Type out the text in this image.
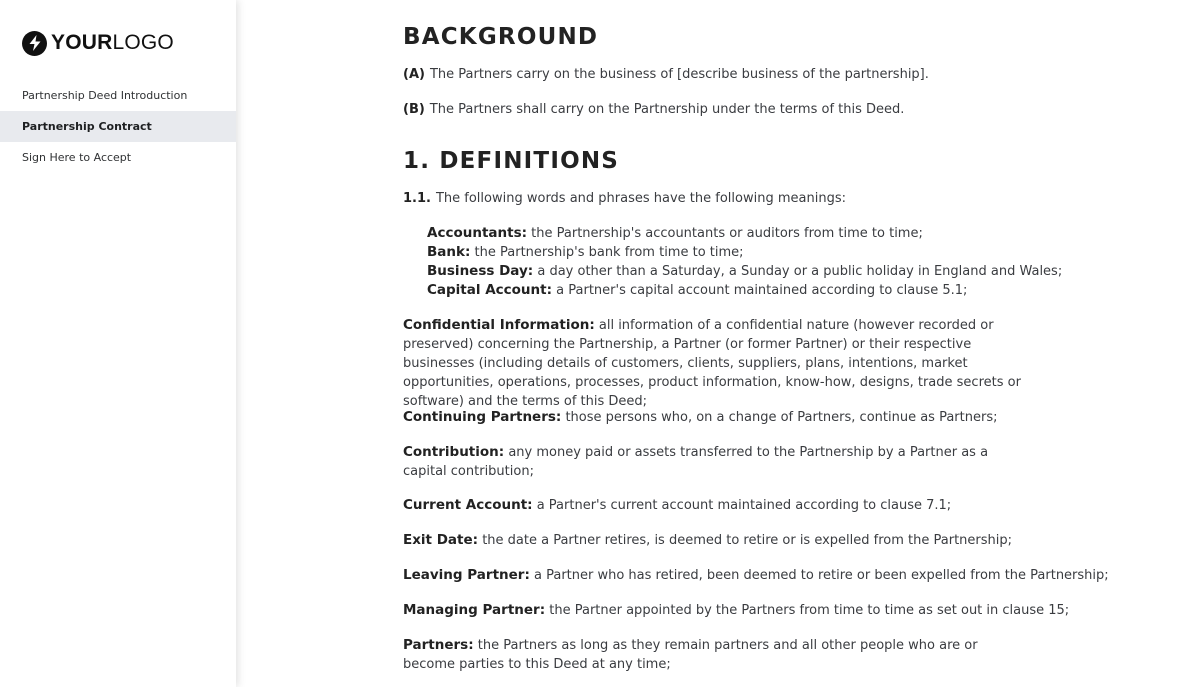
YOURLOGO
Partnership Deed Introduction
Partnership Contract
Sign Here to Accept
BACKGROUND
(A) The Partners carry on the business of [describe business of the partnership].
(B) The Partners shall carry on the Partnership under the terms of this Deed.
1. DEFINITIONS
1.1. The following words and phrases have the following meanings:
Accountants: the Partnership's accountants or auditors from time to time;
Bank: the Partnership's bank from time to time;
Business Day: a day other than a Saturday, a Sunday or a public holiday in England and Wales;
Capital Account: a Partner's capital account maintained according to clause 5.1;
Confidential Information: all information of a confidential nature (however recorded or preserved) concerning the Partnership, a Partner (or former Partner) or their respective businesses (including details of customers, clients, suppliers, plans, intentions, market opportunities, operations, processes, product information, know-how, designs, trade secrets or software) and the terms of this Deed;
Continuing Partners: those persons who, on a change of Partners, continue as Partners;
Contribution: any money paid or assets transferred to the Partnership by a Partner as a capital contribution;
Current Account: a Partner's current account maintained according to clause 7.1;
Exit Date: the date a Partner retires, is deemed to retire or is expelled from the Partnership;
Leaving Partner: a Partner who has retired, been deemed to retire or been expelled from the Partnership;
Managing Partner: the Partner appointed by the Partners from time to time as set out in clause 15;
Partners: the Partners as long as they remain partners and all other people who are or become parties to this Deed at any time;
